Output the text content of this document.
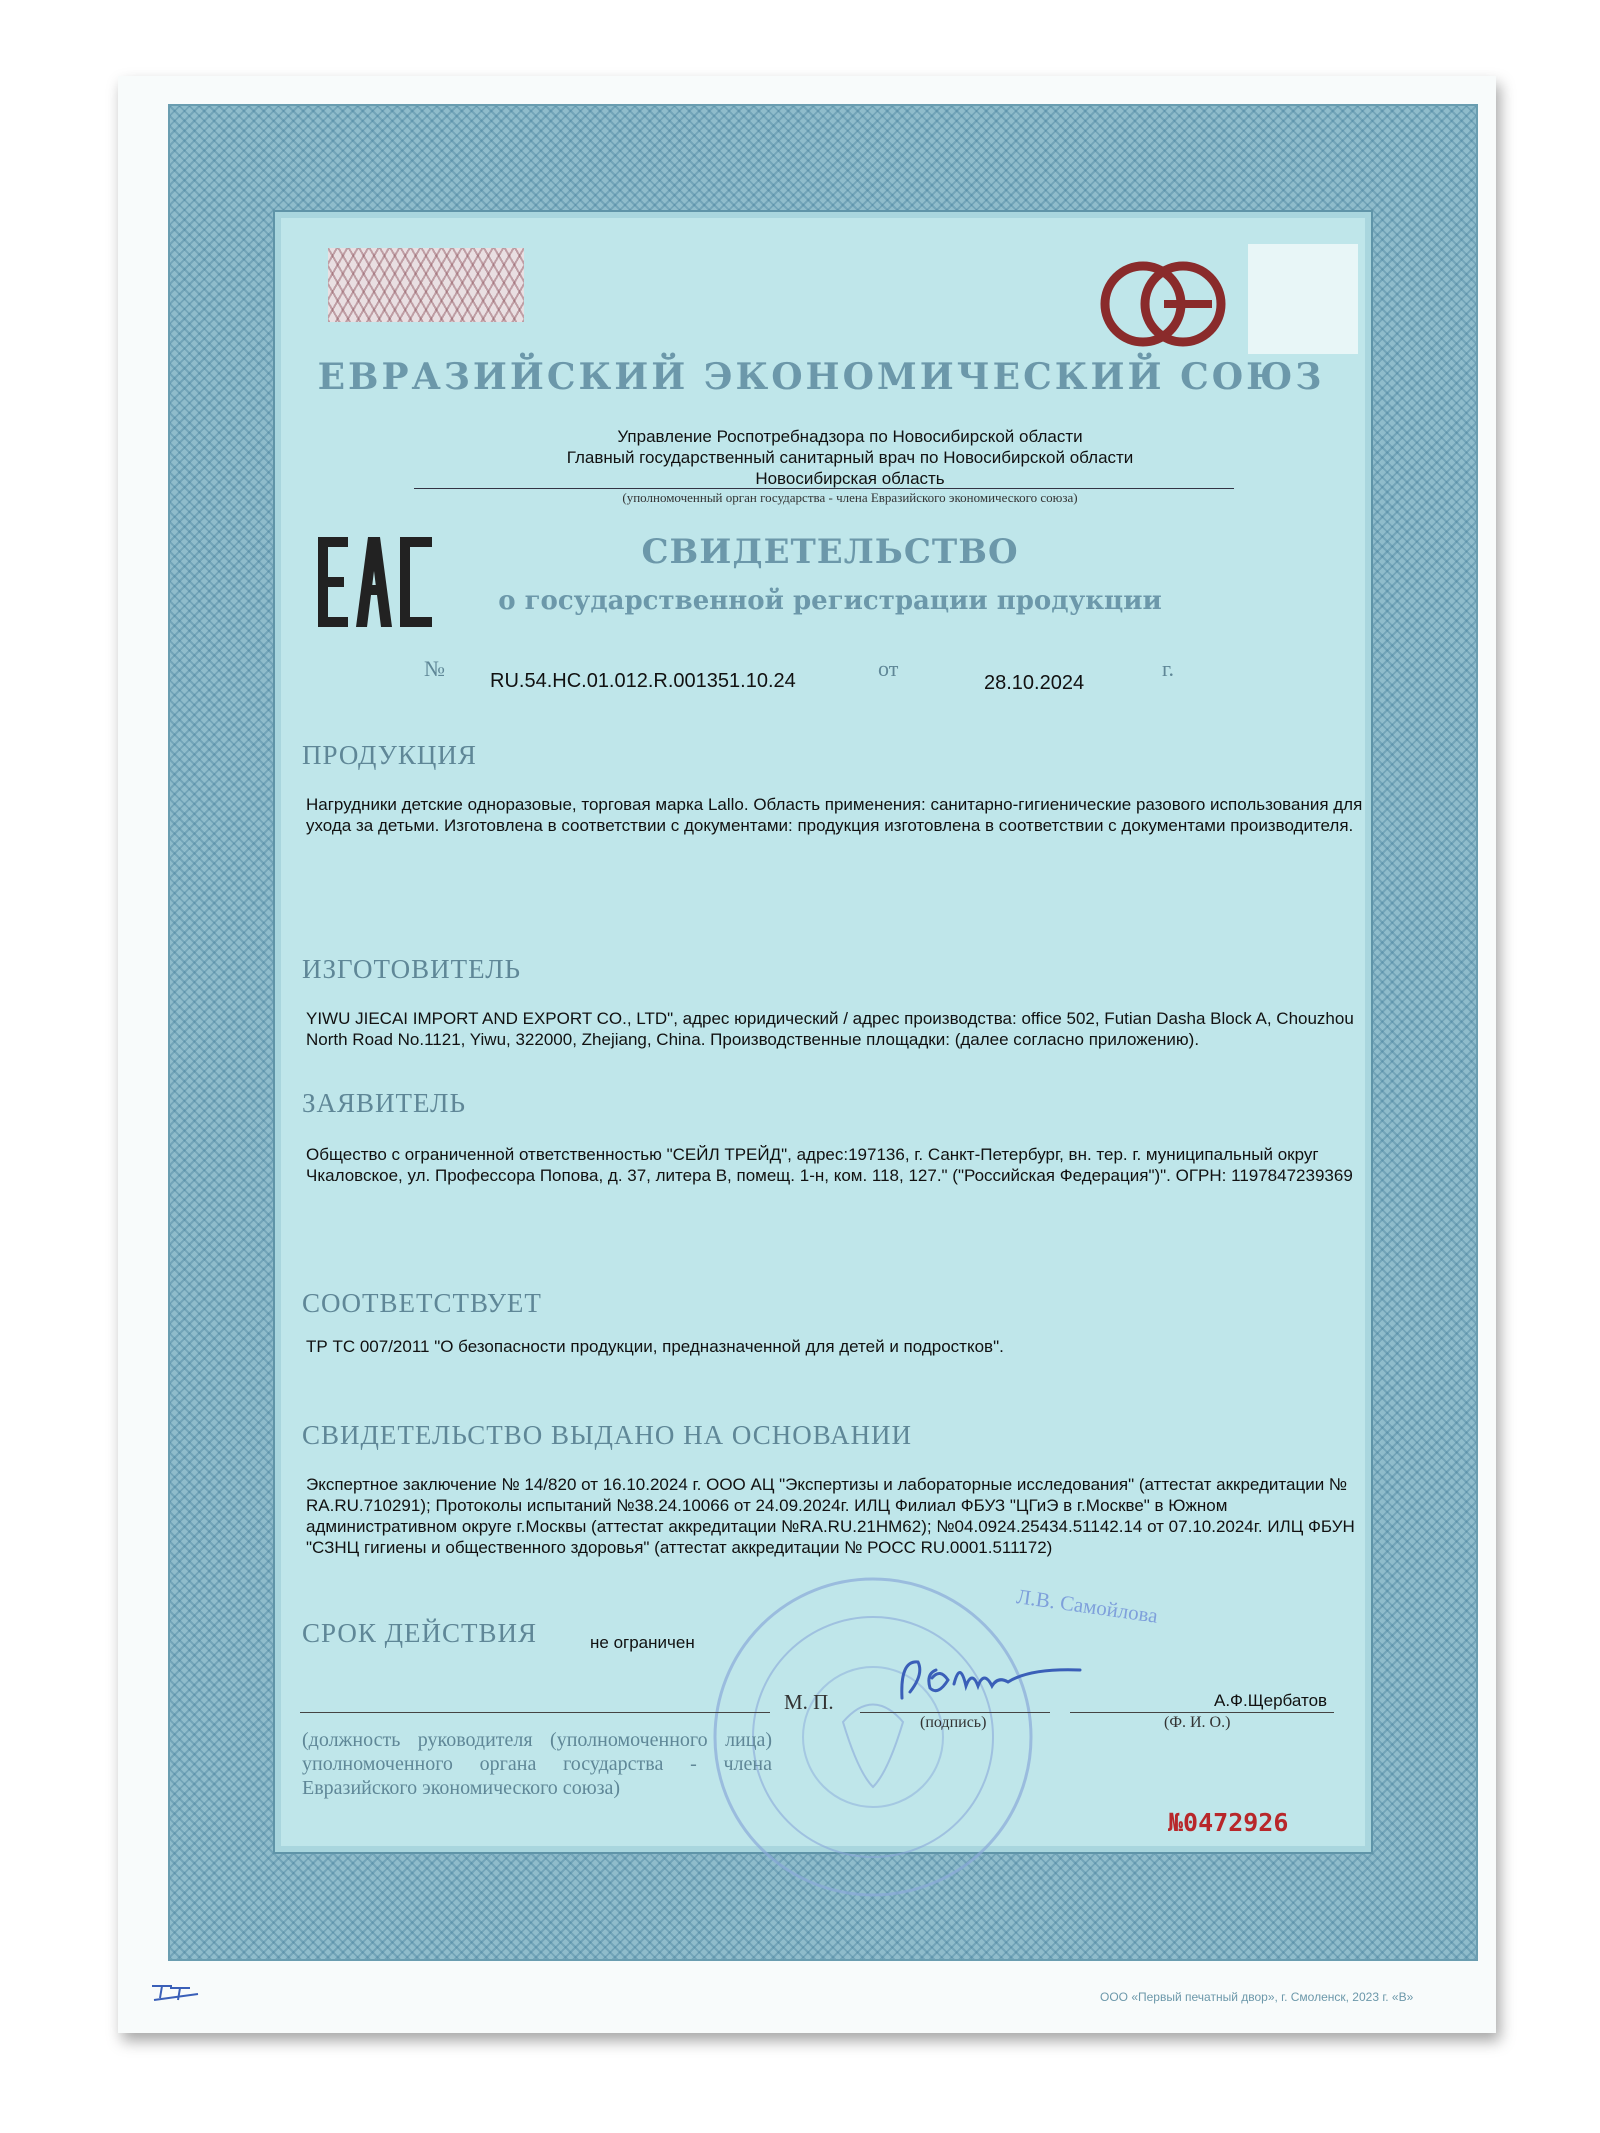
ЕВРАЗИЙСКИЙ ЭКОНОМИЧЕСКИЙ СОЮЗ
Управление Роспотребнадзора по Новосибирской области
Главный государственный санитарный врач по Новосибирской области
Новосибирская область
(уполномоченный орган государства - члена Евразийского экономического союза)
СВИДЕТЕЛЬСТВО
о государственной регистрации продукции
№ RU.54.НС.01.012.R.001351.10.24	от
28.10.2024
г.
ПРОДУКЦИЯ
Нагрудники детские одноразовые, торговая марка Lallo. Область применения: санитарно-гигиенические разового использования для ухода за детьми. Изготовлена в соответствии с документами: продукция изготовлена в соответствии с документами производителя.
ИЗГОТОВИТЕЛЬ
YIWU JIECAI IMPORT AND EXPORT CO., LTD", адрес юридический / адрес производства: office 502, Futian Dasha Block A, Chouzhou North Road No.1121, Yiwu, 322000, Zhejiang, China. Производственные площадки: (далее согласно приложению).
ЗАЯВИТЕЛЬ
Общество с ограниченной ответственностью "СЕЙЛ ТРЕЙД", адрес:197136, г. Санкт-Петербург, вн. тер. г. муниципальный округ Чкаловское, ул. Профессора Попова, д. 37, литера В, помещ. 1-н, ком. 118, 127." ("Российская Федерация")". ОГРН: 1197847239369
СООТВЕТСТВУЕТ
ТР ТС 007/2011 "О безопасности продукции, предназначенной для детей и подростков".
СВИДЕТЕЛЬСТВО ВЫДАНО НА ОСНОВАНИИ
Экспертное заключение № 14/820 от 16.10.2024 г. ООО АЦ "Экспертизы и лабораторные исследования" (аттестат аккредитации № RA.RU.710291); Протоколы испытаний №38.24.10066 от 24.09.2024г. ИЛЦ Филиал ФБУЗ "ЦГиЭ в г.Москве" в Южном административном округе г.Москвы (аттестат аккредитации №RA.RU.21НМ62); №04.0924.25434.51142.14 от 07.10.2024г. ИЛЦ ФБУН "СЗНЦ гигиены и общественного здоровья" (аттестат аккредитации № РОСС RU.0001.511172)
СРОК ДЕЙСТВИЯ	не ограничен
Л.В. Самойлова
М. П.
(подпись)	(Ф. И. О.)
А.Ф.Щербатов
(должность руководителя (уполномоченного лица) уполномоченного органа государства - члена Евразийского экономического союза)
№0472926
ООО «Первый печатный двор», г. Смоленск, 2023 г. «В»
